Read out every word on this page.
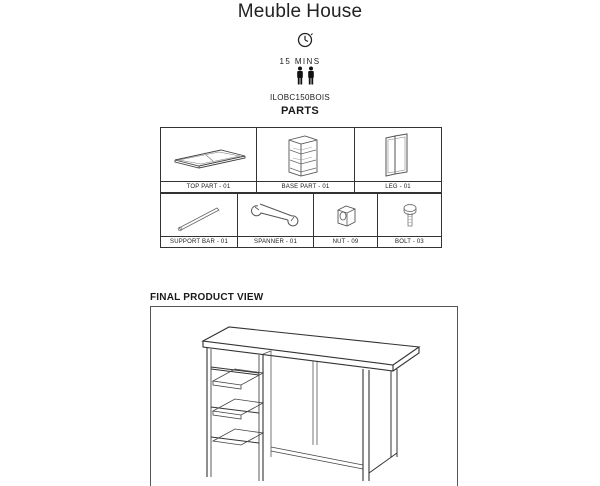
Meuble House
15 MINS
ILOBC150BOIS
PARTS
TOP PART - 01	BASE PART - 01	LEG - 01
SUPPORT BAR - 01	SPANNER - 01	NUT - 09	BOLT - 03
FINAL PRODUCT VIEW
